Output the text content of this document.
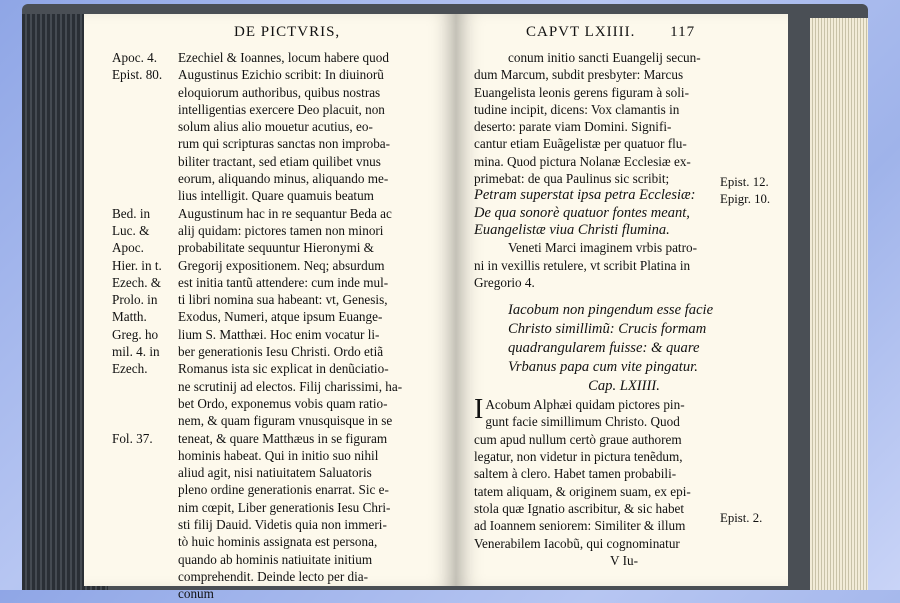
DE PICTVRIS,
Apoc. 4.
Epist. 80.
Bed. in
Luc. &
Apoc.
Hier. in t.
Ezech. &
Prolo. in
Matth.
Greg. ho
mil. 4. in
Ezech.
Fol. 37.
Ezechiel & Ioannes, locum habere quod
Augustinus Ezichio scribit: In diuinorũ
eloquiorum authoribus, quibus nostras
intelligentias exercere Deo placuit, non
solum alius alio mouetur acutius, eo-
rum qui scripturas sanctas non improba-
biliter tractant, sed etiam quilibet vnus
eorum, aliquando minus, aliquando me-
lius intelligit. Quare quamuis beatum
Augustinum hac in re sequantur Beda ac
alij quidam: pictores tamen non minori
probabilitate sequuntur Hieronymi &
Gregorij expositionem. Neq; absurdum
est initia tantũ attendere: cum inde mul-
ti libri nomina sua habeant: vt, Genesis,
Exodus, Numeri, atque ipsum Euange-
lium S. Matthæi. Hoc enim vocatur li-
ber generationis Iesu Christi. Ordo etiã
Romanus ista sic explicat in denũciatio-
ne scrutinij ad electos. Filij charissimi, ha-
bet Ordo, exponemus vobis quam ratio-
nem, & quam figuram vnusquisque in se
teneat, & quare Matthæus in se figuram
hominis habeat. Qui in initio suo nihil
aliud agit, nisi natiuitatem Saluatoris
pleno ordine generationis enarrat. Sic e-
nim cœpit, Liber generationis Iesu Chri-
sti filij Dauid. Videtis quia non immeri-
tò huic hominis assignata est persona,
quando ab hominis natiuitate initium
comprehendit. Deinde lecto per dia-
conum
CAPVT LXIIII. 117
conum initio sancti Euangelij secun-
dum Marcum, subdit presbyter: Marcus
Euangelista leonis gerens figuram à soli-
tudine incipit, dicens: Vox clamantis in
deserto: parate viam Domini. Signifi-
cantur etiam Euãgelistæ per quatuor flu-
mina. Quod pictura Nolanæ Ecclesiæ ex-
primebat: de qua Paulinus sic scribit;
Petram superstat ipsa petra Ecclesiæ:
De qua sonorè quatuor fontes meant,
Euangelistæ viua Christi flumina.
Veneti Marci imaginem vrbis patro-
ni in vexillis retulere, vt scribit Platina in
Gregorio 4.
Iacobum non pingendum esse facie
Christo simillimũ: Crucis formam
quadrangularem fuisse: & quare
Vrbanus papa cum vite pingatur.
Cap. LXIIII.
I Acobum Alphæi quidam pictores pin-
gunt facie simillimum Christo. Quod
cum apud nullum certò graue authorem
legatur, non videtur in pictura tenẽdum,
saltem à clero. Habet tamen probabili-
tatem aliquam, & originem suam, ex epi-
stola quæ Ignatio ascribitur, & sic habet
ad Ioannem seniorem: Similiter & illum
Venerabilem Iacobũ, qui cognominatur
V Iu-
Epist. 12.
Epigr. 10.
Epist. 2.
